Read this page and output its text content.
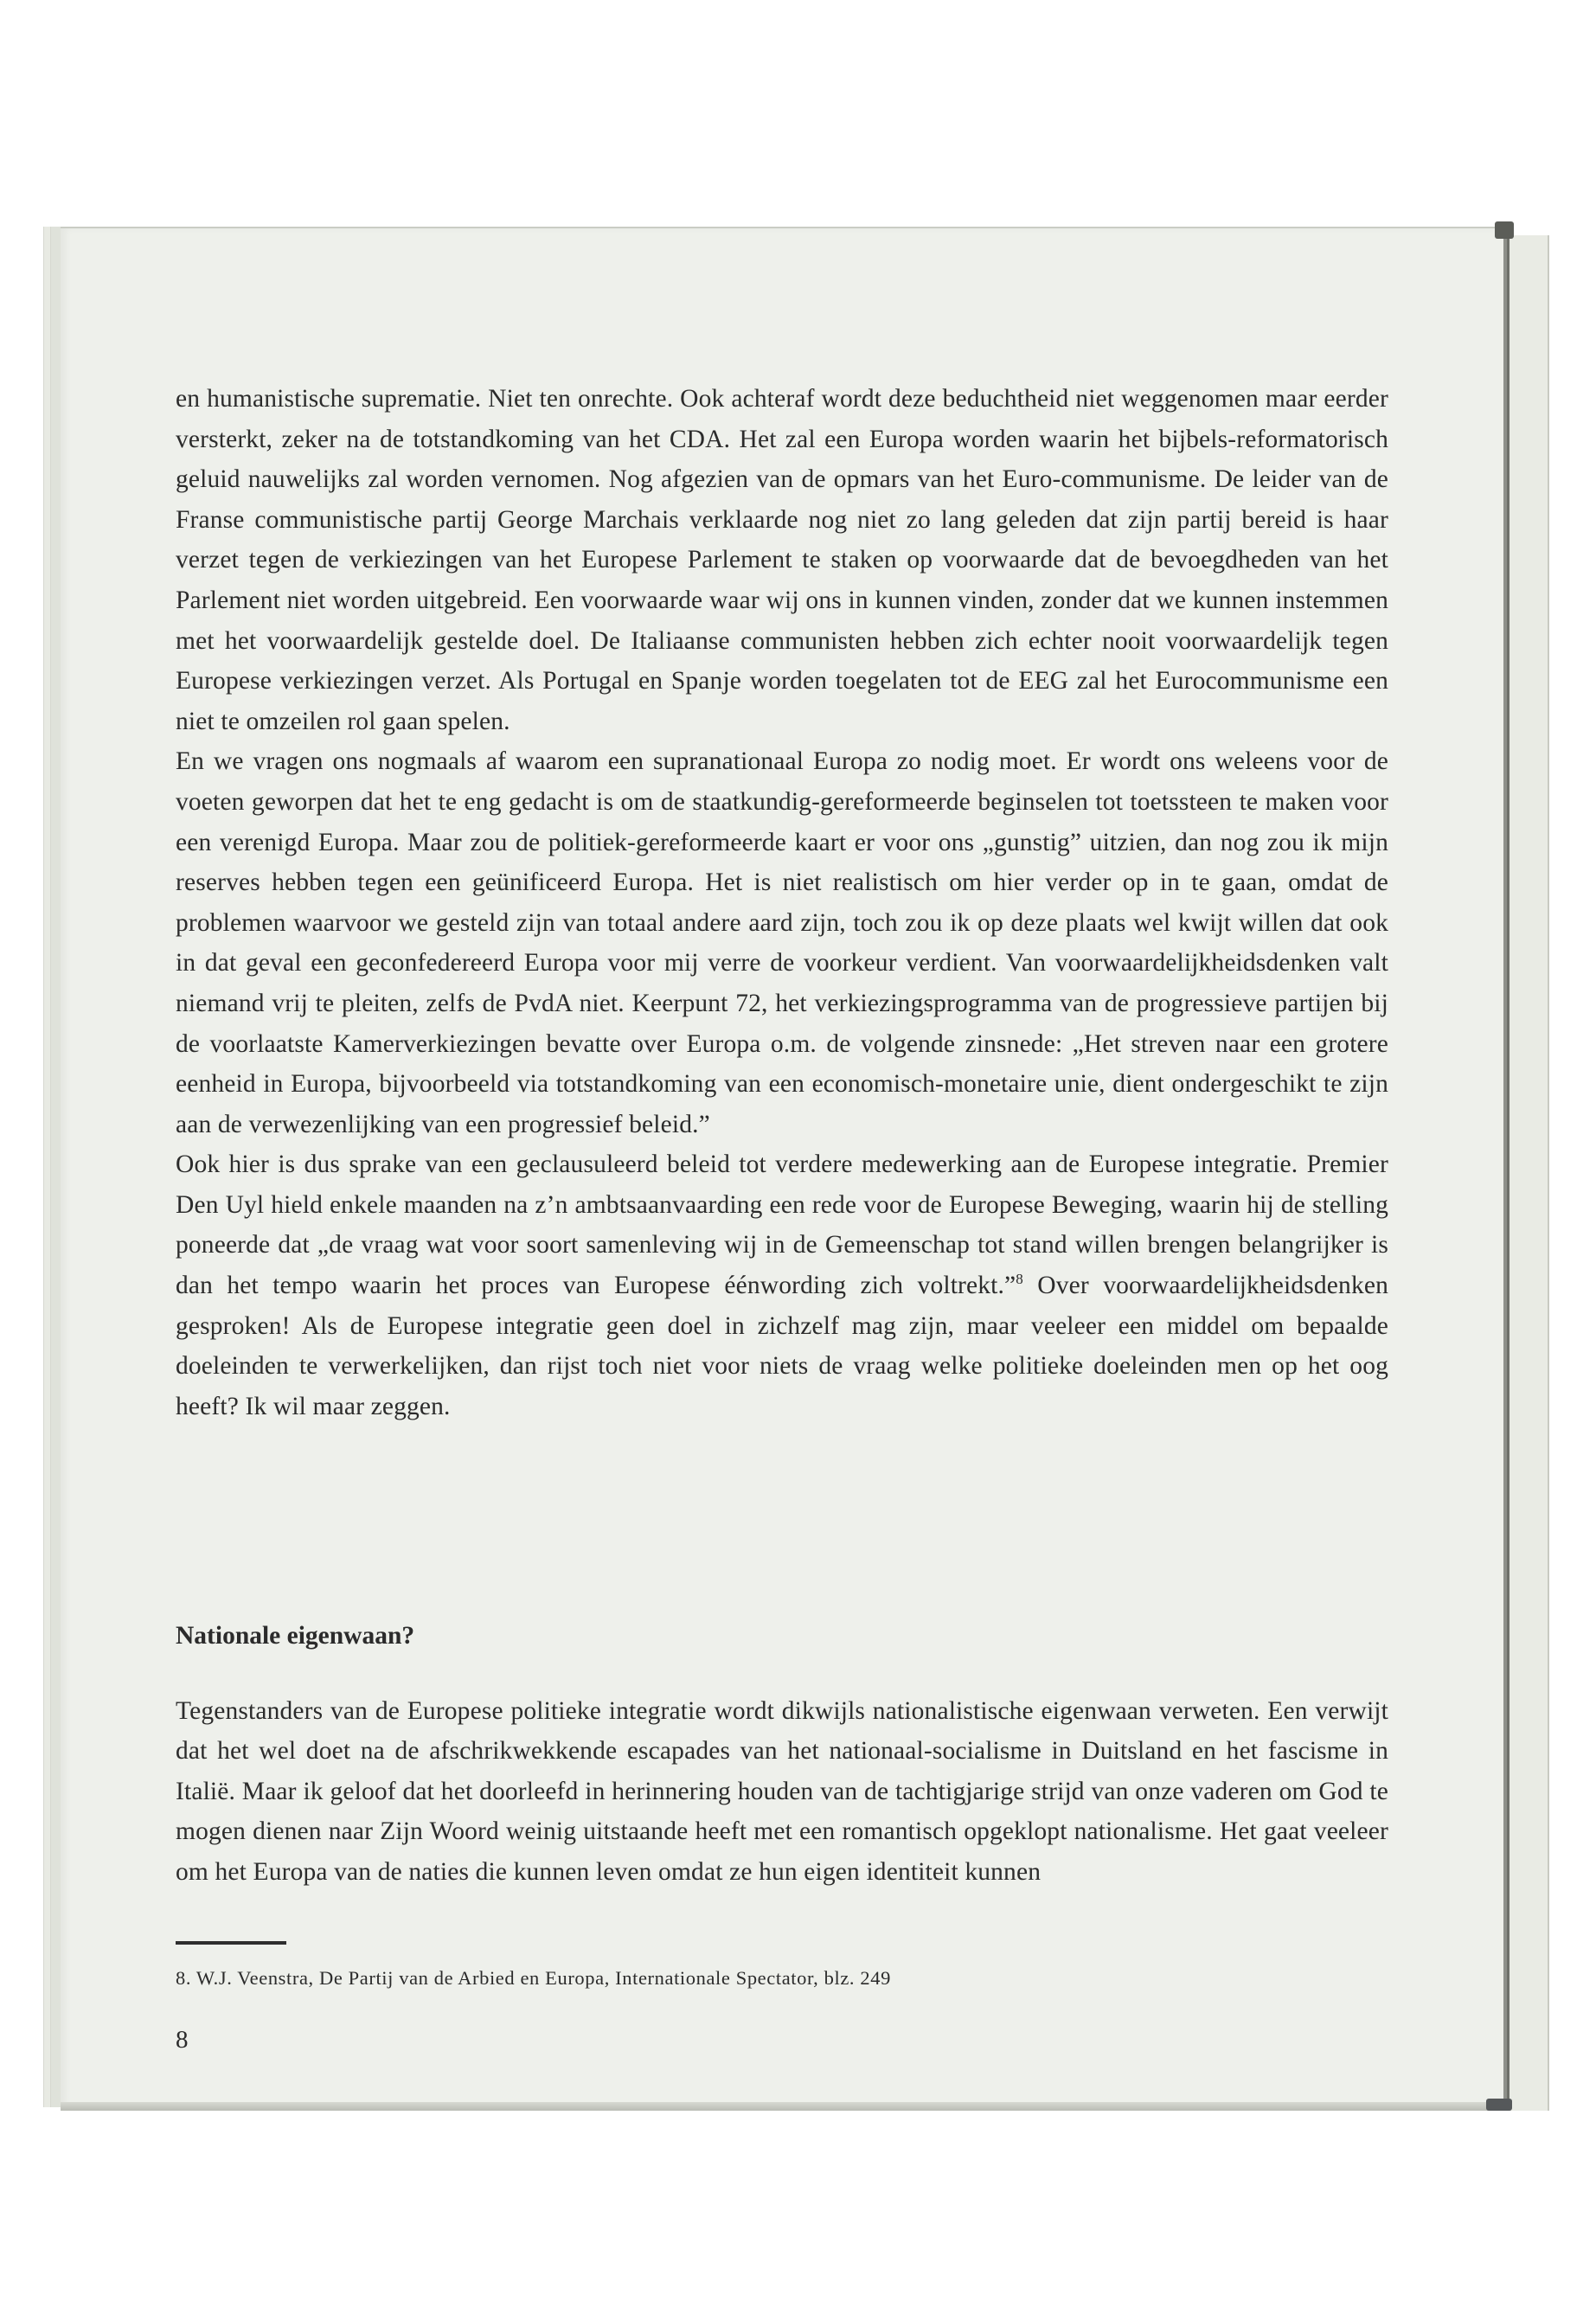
en humanistische suprematie. Niet ten onrechte. Ook achteraf wordt deze beduchtheid niet weggenomen maar eerder versterkt, zeker na de totstandkoming van het CDA. Het zal een Europa worden waarin het bijbels-reformatorisch geluid nauwelijks zal worden vernomen. Nog afgezien van de opmars van het Euro-communisme. De leider van de Franse communistische partij George Marchais verklaarde nog niet zo lang geleden dat zijn partij bereid is haar verzet tegen de verkiezingen van het Europese Parlement te staken op voorwaarde dat de bevoegdheden van het Parlement niet worden uitgebreid. Een voorwaarde waar wij ons in kunnen vinden, zonder dat we kunnen instemmen met het voorwaardelijk gestelde doel. De Italiaanse communisten hebben zich echter nooit voorwaardelijk tegen Europese verkiezingen verzet. Als Portugal en Spanje worden toegelaten tot de EEG zal het Eurocommunisme een niet te omzeilen rol gaan spelen.

En we vragen ons nogmaals af waarom een supranationaal Europa zo nodig moet. Er wordt ons weleens voor de voeten geworpen dat het te eng gedacht is om de staatkundig-gereformeerde beginselen tot toetssteen te maken voor een verenigd Europa. Maar zou de politiek-gereformeerde kaart er voor ons „gunstig” uitzien, dan nog zou ik mijn reserves hebben tegen een geünificeerd Europa. Het is niet realistisch om hier verder op in te gaan, omdat de problemen waarvoor we gesteld zijn van totaal andere aard zijn, toch zou ik op deze plaats wel kwijt willen dat ook in dat geval een geconfedereerd Europa voor mij verre de voorkeur verdient. Van voorwaardelijkheidsdenken valt niemand vrij te pleiten, zelfs de PvdA niet. Keerpunt 72, het verkiezingsprogramma van de progressieve partijen bij de voorlaatste Kamerverkiezingen bevatte over Europa o.m. de volgende zinsnede: „Het streven naar een grotere eenheid in Europa, bijvoorbeeld via totstandkoming van een economisch-monetaire unie, dient ondergeschikt te zijn aan de verwezenlijking van een progressief beleid.”

Ook hier is dus sprake van een geclausuleerd beleid tot verdere medewerking aan de Europese integratie. Premier Den Uyl hield enkele maanden na z’n ambtsaanvaarding een rede voor de Europese Beweging, waarin hij de stelling poneerde dat „de vraag wat voor soort samenleving wij in de Gemeenschap tot stand willen brengen belangrijker is dan het tempo waarin het proces van Europese éénwording zich voltrekt.”$^8$ Over voorwaardelijkheidsdenken gesproken! Als de Europese integratie geen doel in zichzelf mag zijn, maar veeleer een middel om bepaalde doeleinden te verwerkelijken, dan rijst toch niet voor niets de vraag welke politieke doeleinden men op het oog heeft? Ik wil maar zeggen.

Nationale eigenwaan?

Tegenstanders van de Europese politieke integratie wordt dikwijls nationalistische eigenwaan verweten. Een verwijt dat het wel doet na de afschrikwekkende escapades van het nationaal-socialisme in Duitsland en het fascisme in Italië. Maar ik geloof dat het doorleefd in herinnering houden van de tachtigjarige strijd van onze vaderen om God te mogen dienen naar Zijn Woord weinig uitstaande heeft met een romantisch opgeklopt nationalisme. Het gaat veeleer om het Europa van de naties die kunnen leven omdat ze hun eigen identiteit kunnen

8. W.J. Veenstra, De Partij van de Arbied en Europa, Internationale Spectator, blz. 249
8
